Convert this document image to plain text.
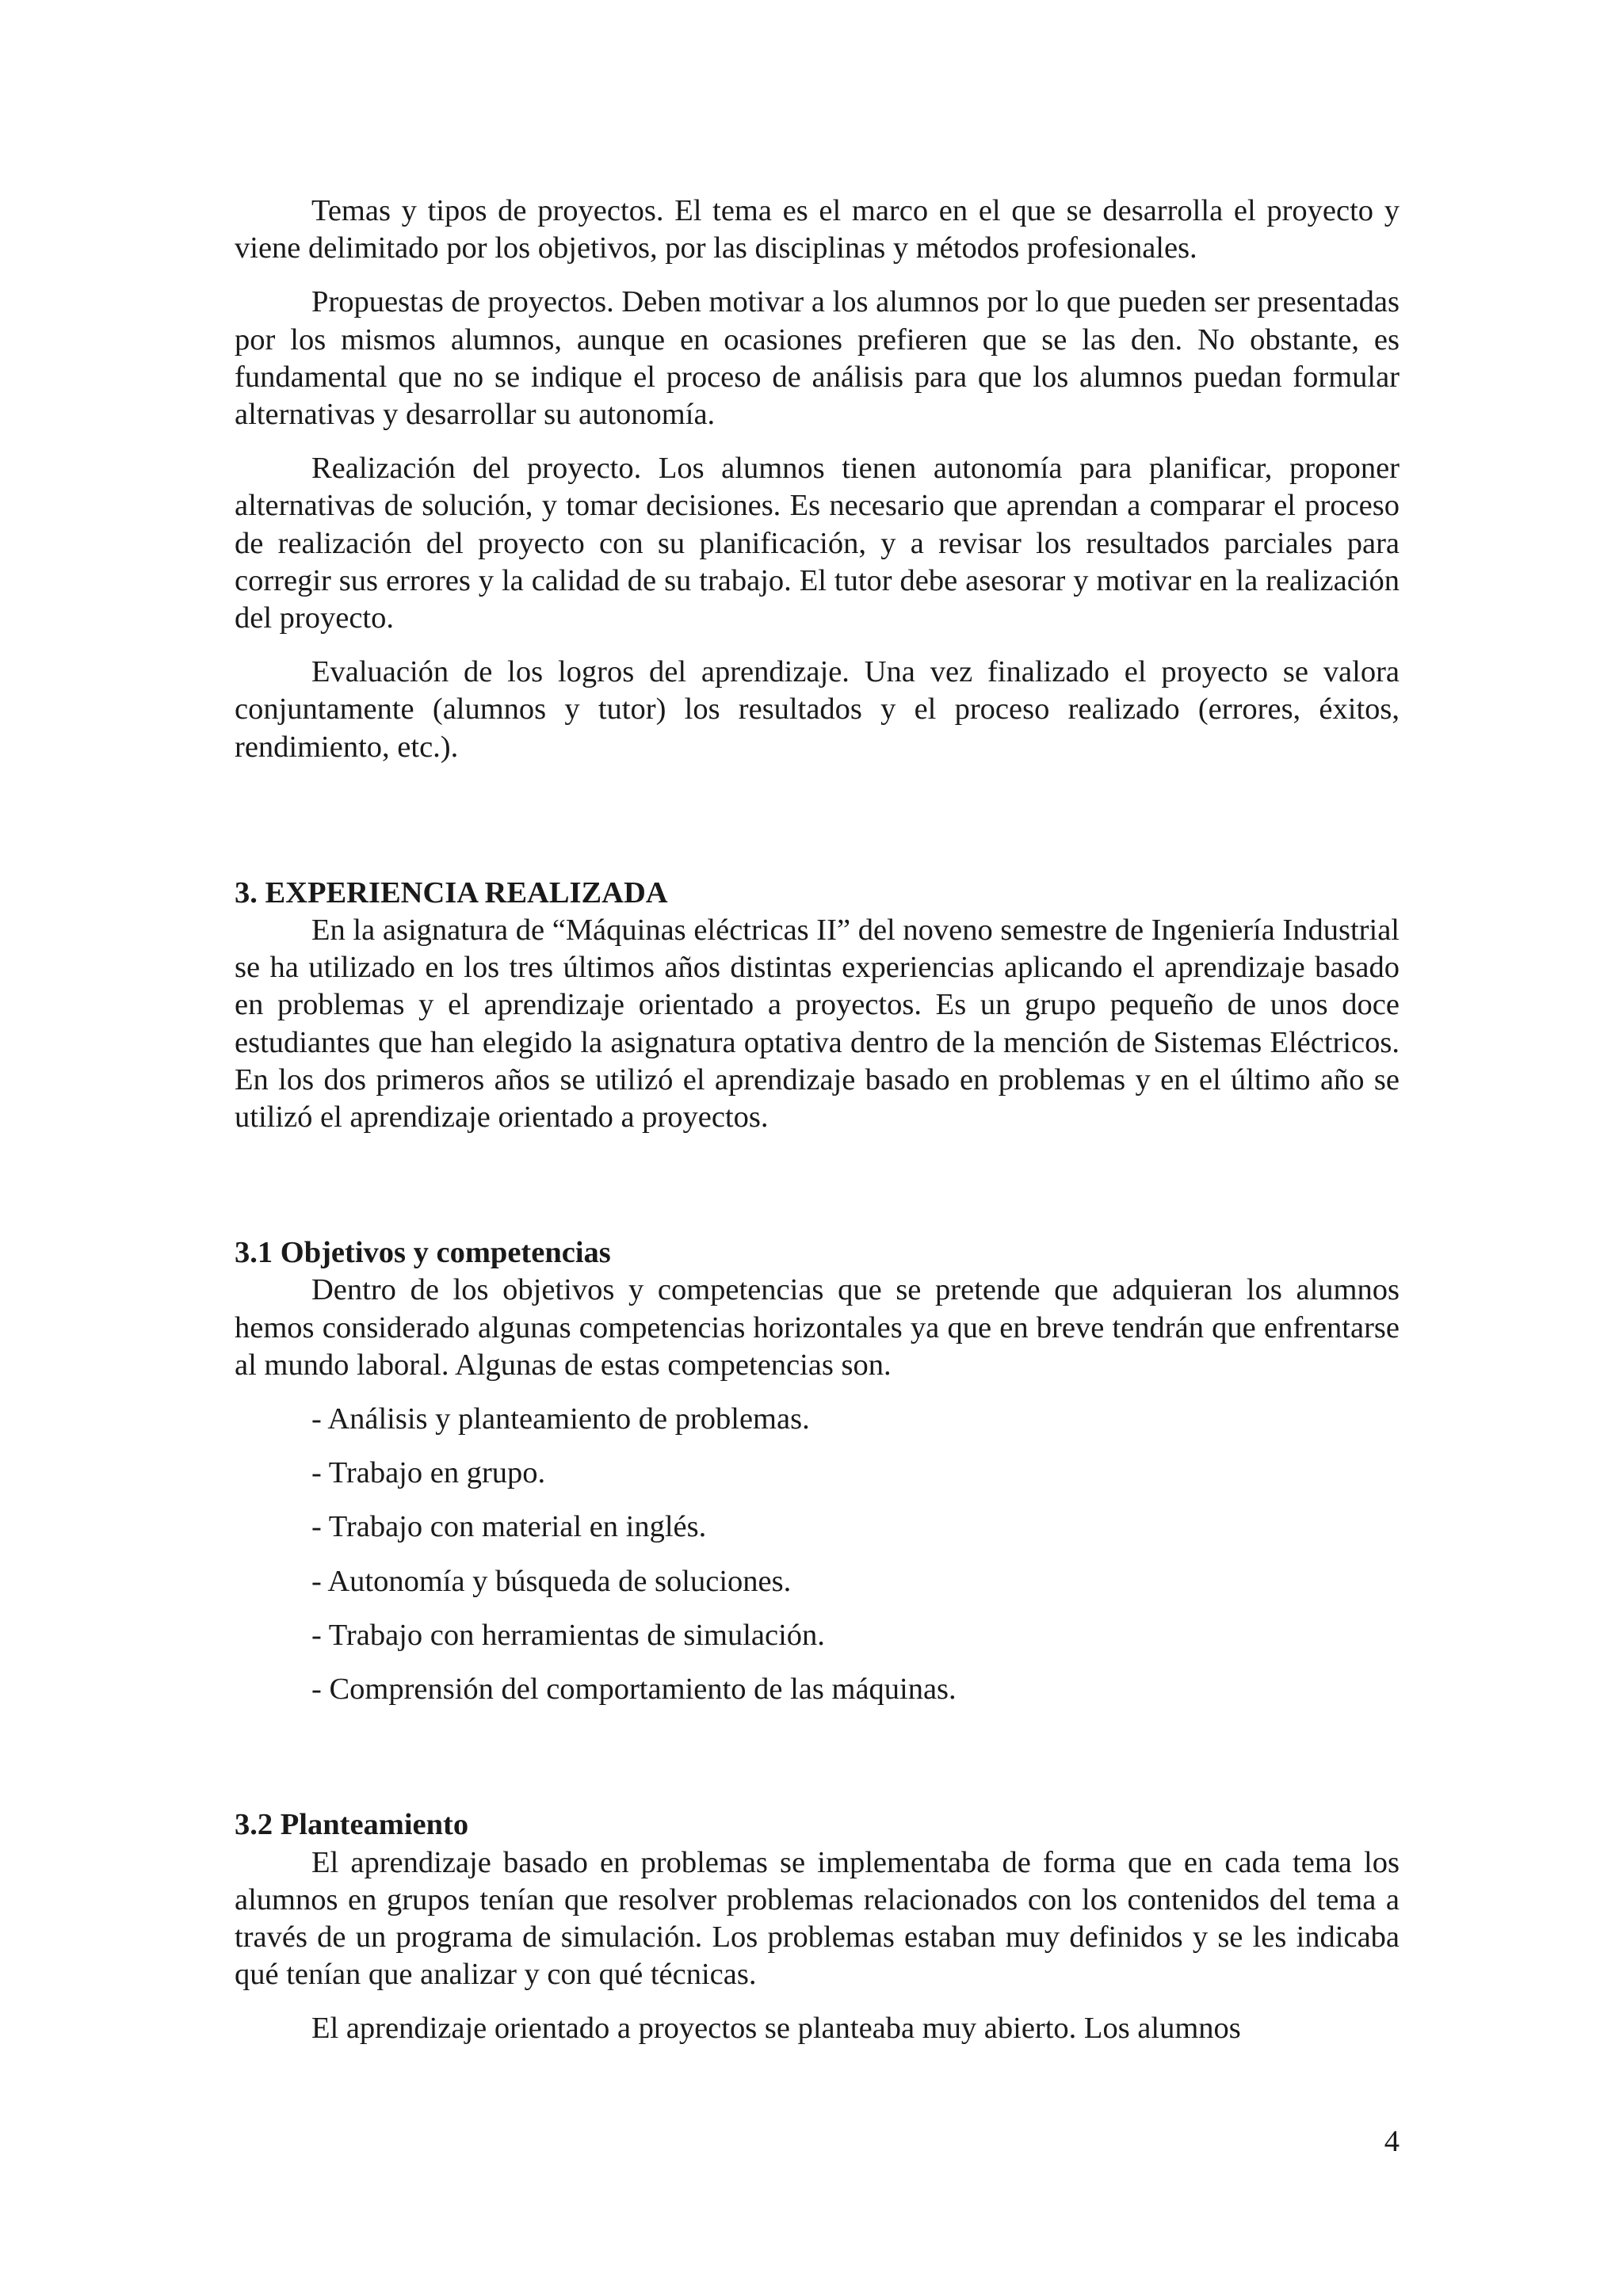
Temas y tipos de proyectos. El tema es el marco en el que se desarrolla el proyecto y viene delimitado por los objetivos, por las disciplinas y métodos profesionales.

Propuestas de proyectos. Deben motivar a los alumnos por lo que pueden ser presentadas por los mismos alumnos, aunque en ocasiones prefieren que se las den. No obstante, es fundamental que no se indique el proceso de análisis para que los alumnos puedan formular alternativas y desarrollar su autonomía.

Realización del proyecto. Los alumnos tienen autonomía para planificar, proponer alternativas de solución, y tomar decisiones. Es necesario que aprendan a comparar el proceso de realización del proyecto con su planificación, y a revisar los resultados parciales para corregir sus errores y la calidad de su trabajo. El tutor debe asesorar y motivar en la realización del proyecto.

Evaluación de los logros del aprendizaje. Una vez finalizado el proyecto se valora conjuntamente (alumnos y tutor) los resultados y el proceso realizado (errores, éxitos, rendimiento, etc.).

3. EXPERIENCIA REALIZADA

En la asignatura de “Máquinas eléctricas II” del noveno semestre de Ingeniería Industrial se ha utilizado en los tres últimos años distintas experiencias aplicando el aprendizaje basado en problemas y el aprendizaje orientado a proyectos. Es un grupo pequeño de unos doce estudiantes que han elegido la asignatura optativa dentro de la mención de Sistemas Eléctricos. En los dos primeros años se utilizó el aprendizaje basado en problemas y en el último año se utilizó el aprendizaje orientado a proyectos.

3.1 Objetivos y competencias

Dentro de los objetivos y competencias que se pretende que adquieran los alumnos hemos considerado algunas competencias horizontales ya que en breve tendrán que enfrentarse al mundo laboral. Algunas de estas competencias son.

- Análisis y planteamiento de problemas.
- Trabajo en grupo.
- Trabajo con material en inglés.
- Autonomía y búsqueda de soluciones.
- Trabajo con herramientas de simulación.
- Comprensión del comportamiento de las máquinas.
3.2 Planteamiento

El aprendizaje basado en problemas se implementaba de forma que en cada tema los alumnos en grupos tenían que resolver problemas relacionados con los contenidos del tema a través de un programa de simulación. Los problemas estaban muy definidos y se les indicaba qué tenían que analizar y con qué técnicas.

El aprendizaje orientado a proyectos se planteaba muy abierto. Los alumnos

4
